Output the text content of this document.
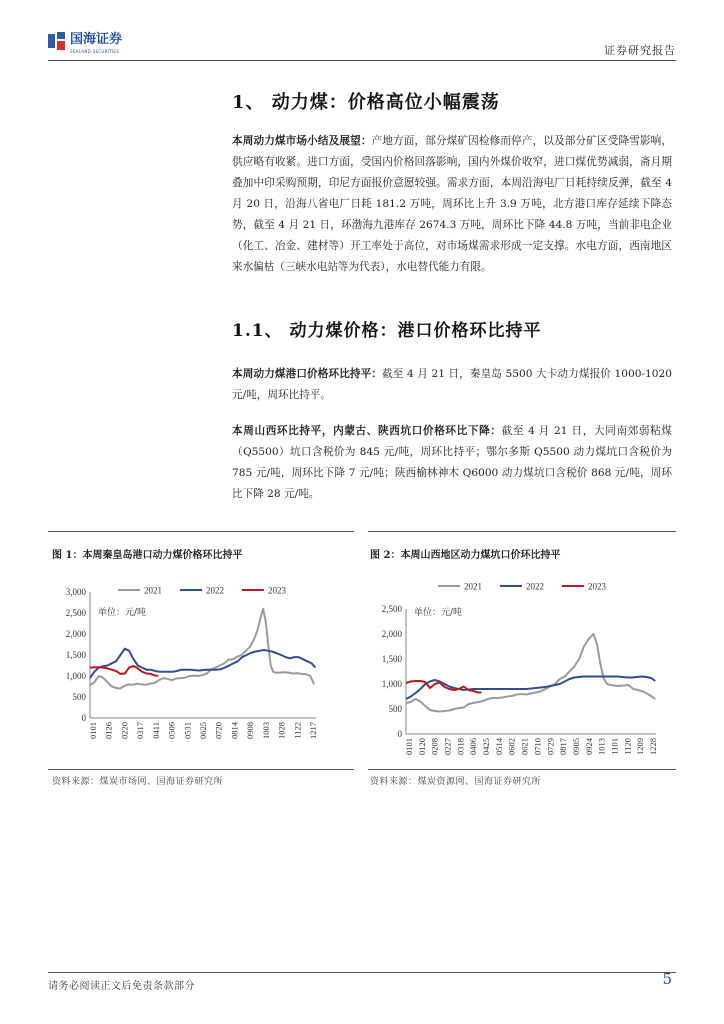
国海证券
SEALAND SECURITIES	证券研究报告
1、 动力煤：价格高位小幅震荡
本周动力煤市场小结及展望：产地方面，部分煤矿因检修而停产，以及部分矿区受降雪影响，供应略有收紧。进口方面，受国内价格回落影响，国内外煤价收窄，进口煤优势减弱，斋月期叠加中印采购预期，印尼方面报价意愿较强。需求方面，本周沿海电厂日耗持续反弹，截至 4 月 20 日，沿海八省电厂日耗 181.2 万吨，周环比上升 3.9 万吨，北方港口库存延续下降态势，截至 4 月 21 日，环渤海九港库存 2674.3 万吨，周环比下降 44.8 万吨，当前非电企业（化工、冶金、建材等）开工率处于高位，对市场煤需求形成一定支撑。水电方面，西南地区来水偏枯（三峡水电站等为代表），水电替代能力有限。
1.1、 动力煤价格：港口价格环比持平
本周动力煤港口价格环比持平：截至 4 月 21 日，秦皇岛 5500 大卡动力煤报价 1000-1020 元/吨，周环比持平。
本周山西环比持平，内蒙古、陕西坑口价格环比下降：截至 4 月 21 日，大同南郊弱粘煤（Q5500）坑口含税价为 845 元/吨，周环比持平；鄂尔多斯 Q5500 动力煤坑口含税价为 785 元/吨，周环比下降 7 元/吨；陕西榆林神木 Q6000 动力煤坑口含税价 868 元/吨，周环比下降 28 元/吨。
图 1：本周秦皇岛港口动力煤价格环比持平
2021	2022	2023
单位：元/吨
0
500
1,000
1,500
2,000
2,500
3,000
0101 0126 0220 0317 0411 0506 0531 0625 0720 0814 0908 1003 1028 1122 1217
资料来源：煤炭市场网、国海证券研究所
图 2：本周山西地区动力煤坑口价环比持平
2021	2022	2023
单位：元/吨
0
500
1,000
1,500
2,000
2,500
0101 0120 0208 0227 0318 0406 0425 0514 0602 0621 0710 0729 0817 0905 0924 1013 1101 1120 1209 1228
资料来源：煤炭资源网、国海证券研究所
请务必阅读正文后免责条款部分	5
